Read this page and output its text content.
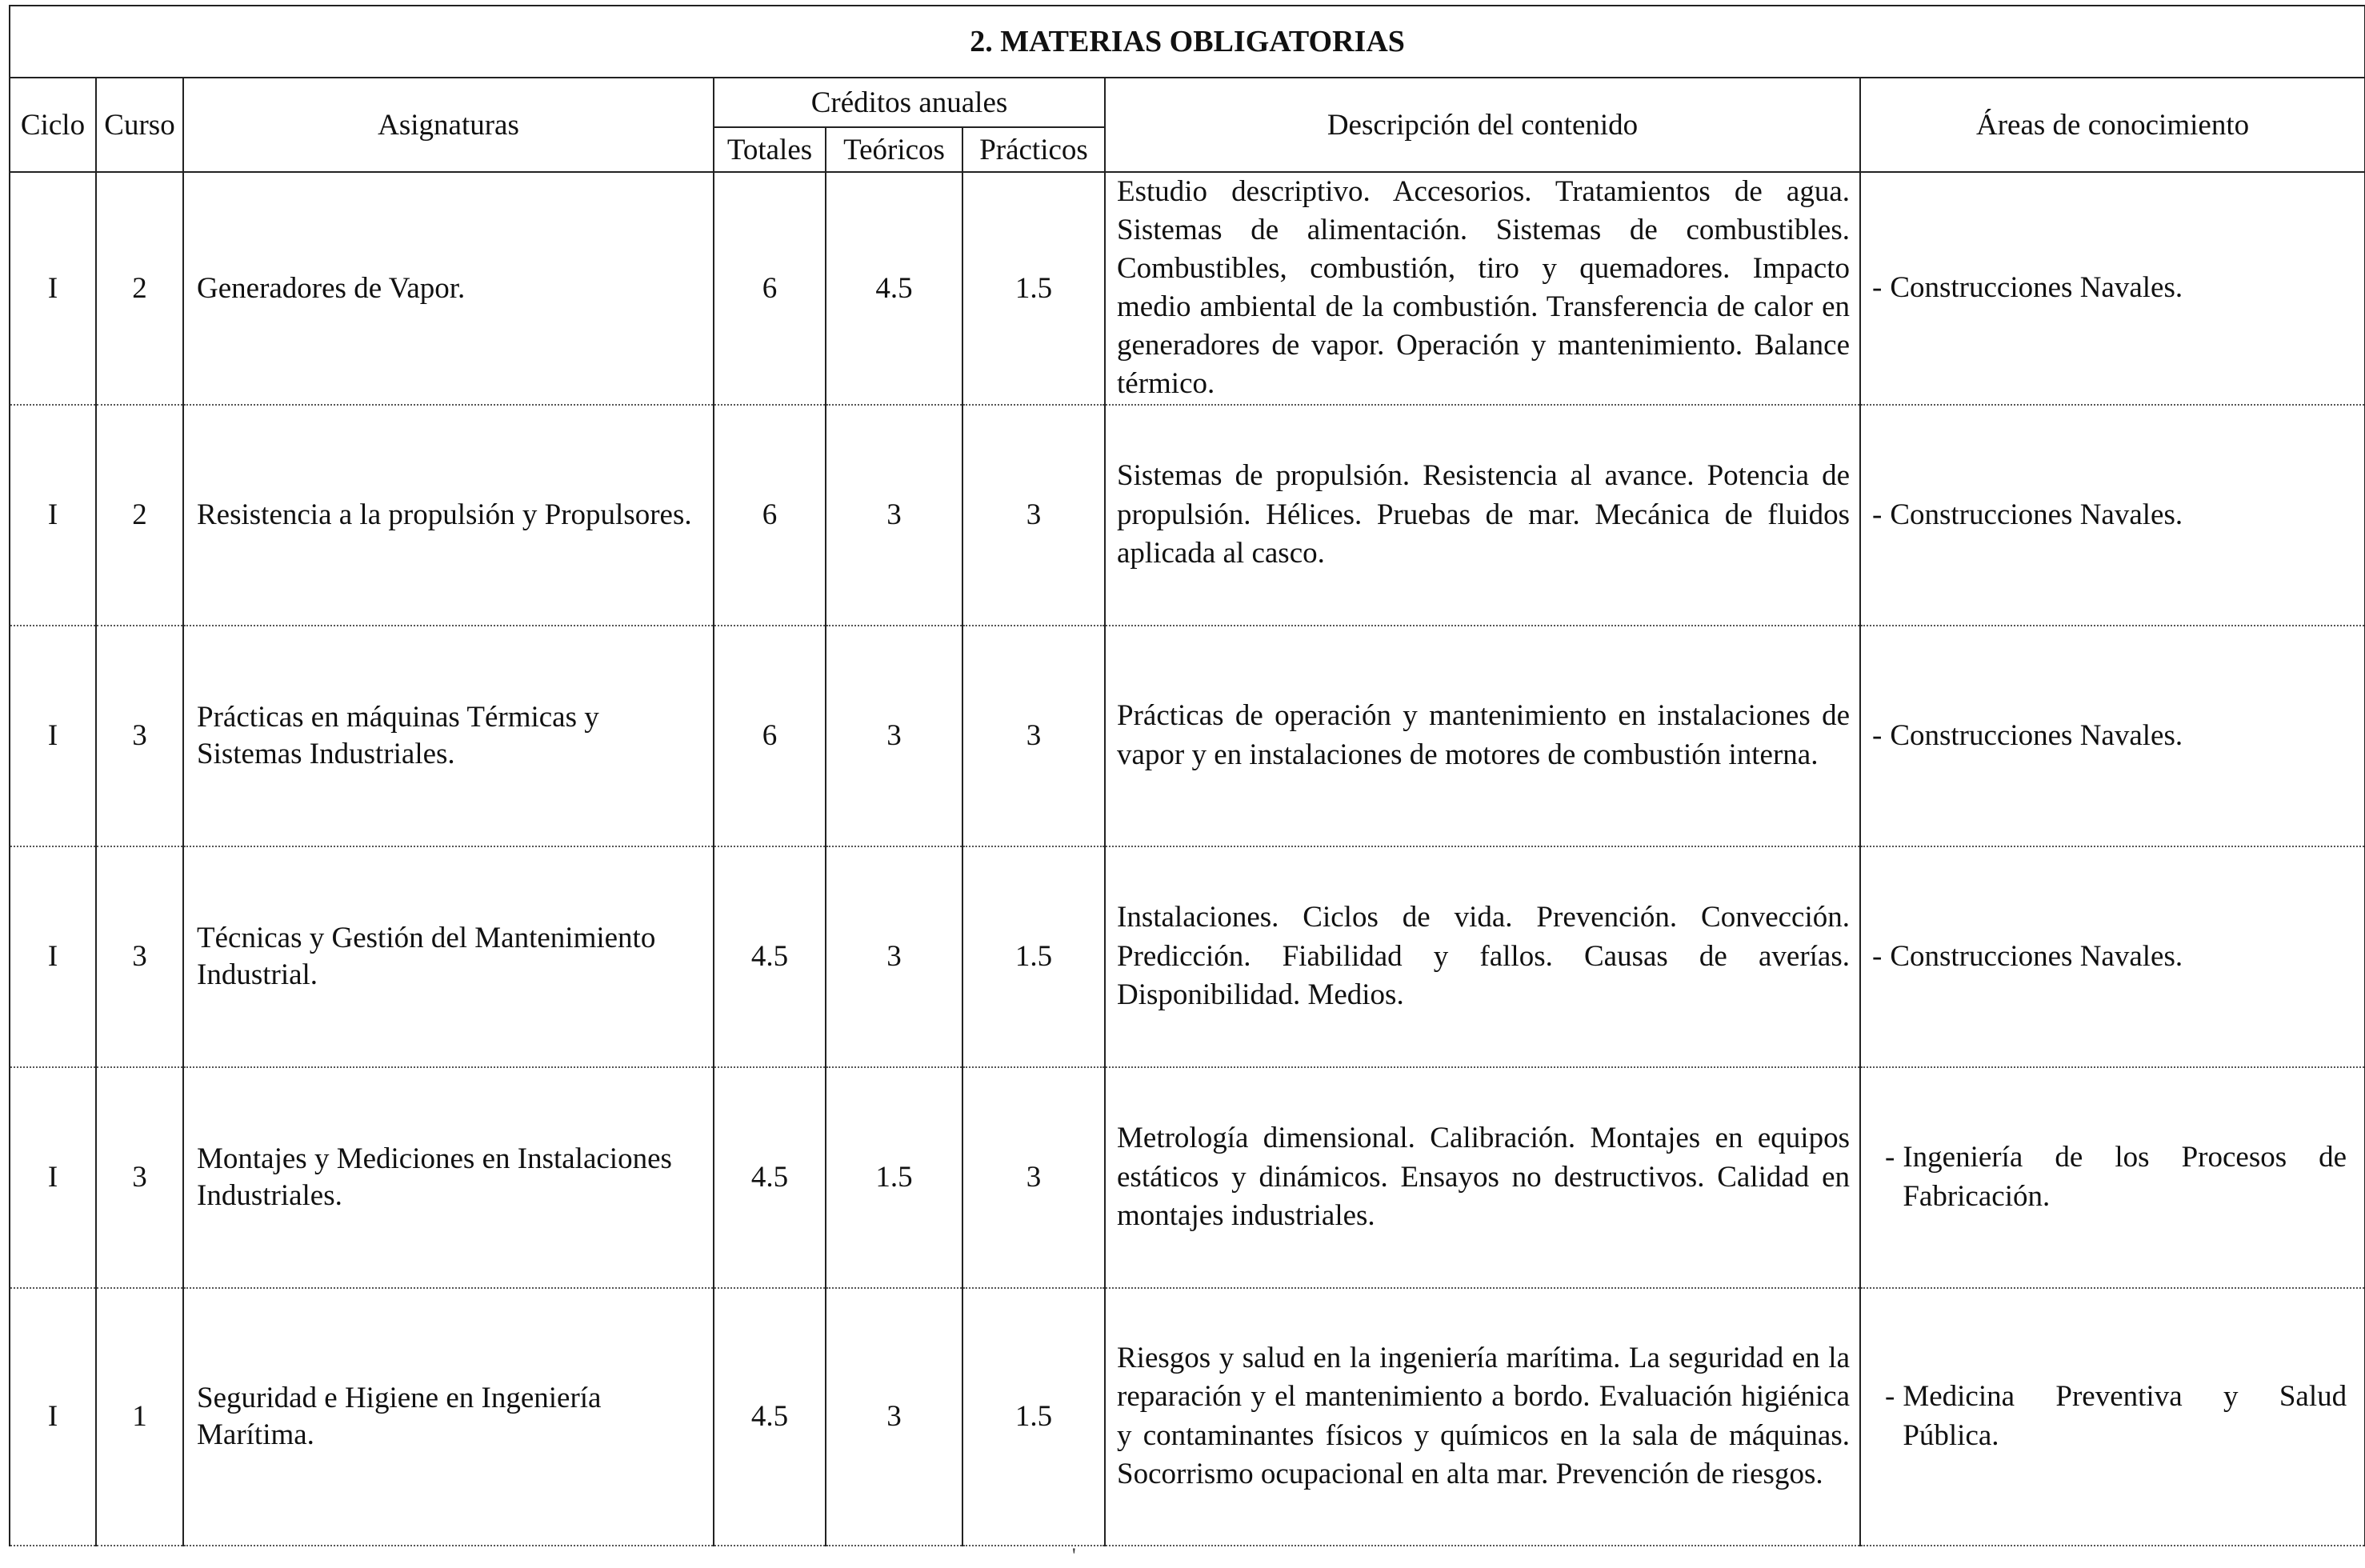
2. MATERIAS OBLIGATORIAS							
Ciclo	Curso	Asignaturas	Créditos anuales			Descripción del contenido	Áreas de conocimiento
			Totales	Teóricos	Prácticos		
I	2	Generadores de Vapor.	6	4.5	1.5	Estudio descriptivo. Accesorios. Tratamientos de agua. Sistemas de alimentación. Sistemas de combustibles. Combustibles, combustión, tiro y quemadores. Impacto medio ambiental de la combustión. Transferencia de calor en generadores de vapor. Operación y mantenimiento. Balance térmico.	- Construcciones Navales.

I	2	Resistencia a la propulsión y Propulsores.	6	3	3	Sistemas de propulsión. Resistencia al avance. Potencia de propulsión. Hélices. Pruebas de mar. Mecánica de fluidos aplicada al casco.	- Construcciones Navales.

I	3	Prácticas en máquinas Térmicas y Sistemas Industriales.	6	3	3	Prácticas de operación y mantenimiento en instalaciones de vapor y en instalaciones de motores de combustión interna.	- Construcciones Navales.

I	3	Técnicas y Gestión del Mantenimiento Industrial.	4.5	3	1.5	Instalaciones. Ciclos de vida. Prevención. Convección. Predicción. Fiabilidad y fallos. Causas de averías. Disponibilidad. Medios.	- Construcciones Navales.

I	3	Montajes y Mediciones en Instalaciones Industriales.	4.5	1.5	3	Metrología dimensional. Calibración. Montajes en equipos estáticos y dinámicos. Ensayos no destructivos. Calidad en montajes industriales.	- Ingeniería de los Procesos de Fabricación.

I	1	Seguridad e Higiene en Ingeniería Marítima.	4.5	3	1.5	Riesgos y salud en la ingeniería marítima. La seguridad en la reparación y el mantenimiento a bordo. Evaluación higiénica y contaminantes físicos y químicos en la sala de máquinas. Socorrismo ocupacional en alta mar. Prevención de riesgos.	- Medicina Preventiva y Salud Pública.
'
